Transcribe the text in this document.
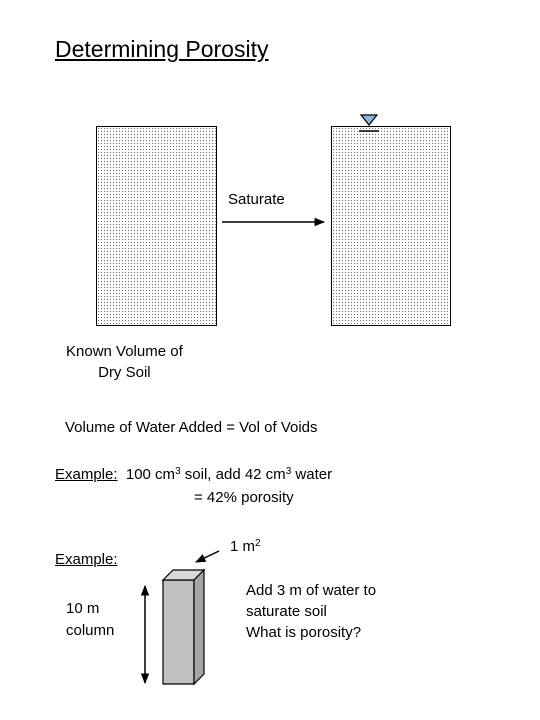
Determining Porosity
Saturate
Known Volume of
Dry Soil
Volume of Water Added = Vol of Voids
Example:  100 $cm^3$ soil, add 42 $cm^3$ water
= 42% porosity
Example:
10 m
column
1 $m^2$
Add 3 m of water to
saturate soil
What is porosity?
